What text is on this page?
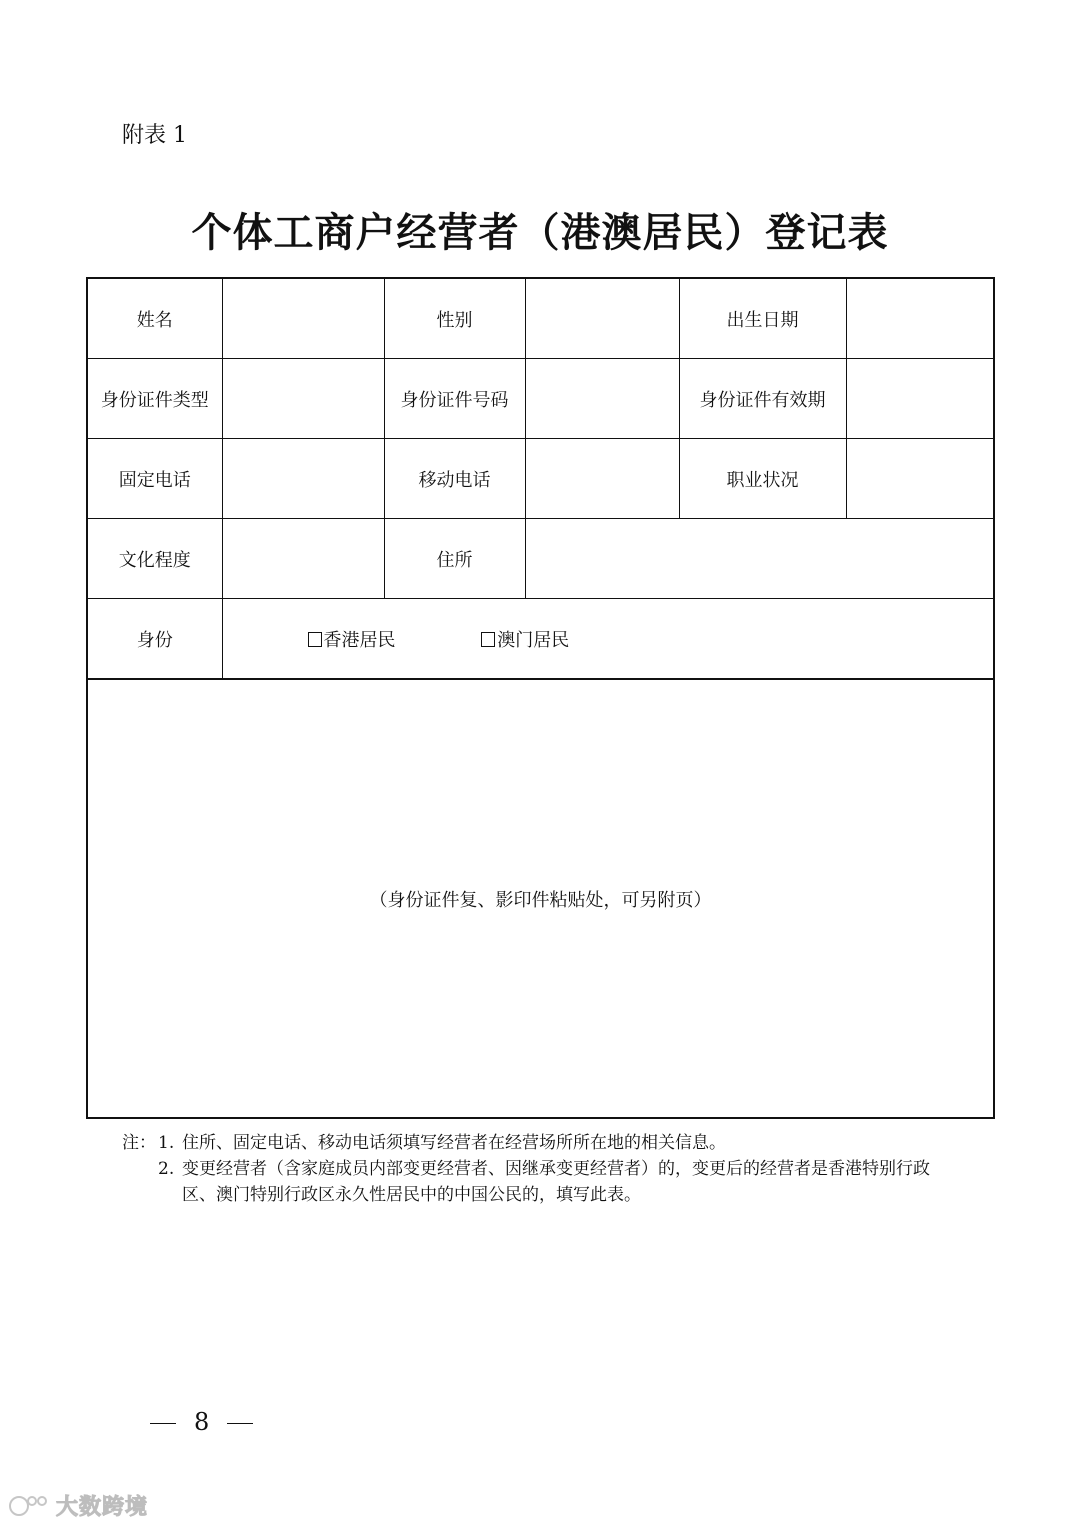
附表 1
个体工商户经营者（港澳居民）登记表
姓名		性别		出生日期	
身份证件类型		身份证件号码		身份证件有效期	
固定电话		移动电话		职业状况	
文化程度		住所			
身份	香港居民 澳门居民				
（身份证件复、影印件粘贴处，可另附页）					
注： 1. 住所、固定电话、移动电话须填写经营者在经营场所所在地的相关信息。
2. 变更经营者（含家庭成员内部变更经营者、因继承变更经营者）的，变更后的经营者是香港特别行政区、澳门特别行政区永久性居民中的中国公民的，填写此表。
8
大数跨境
